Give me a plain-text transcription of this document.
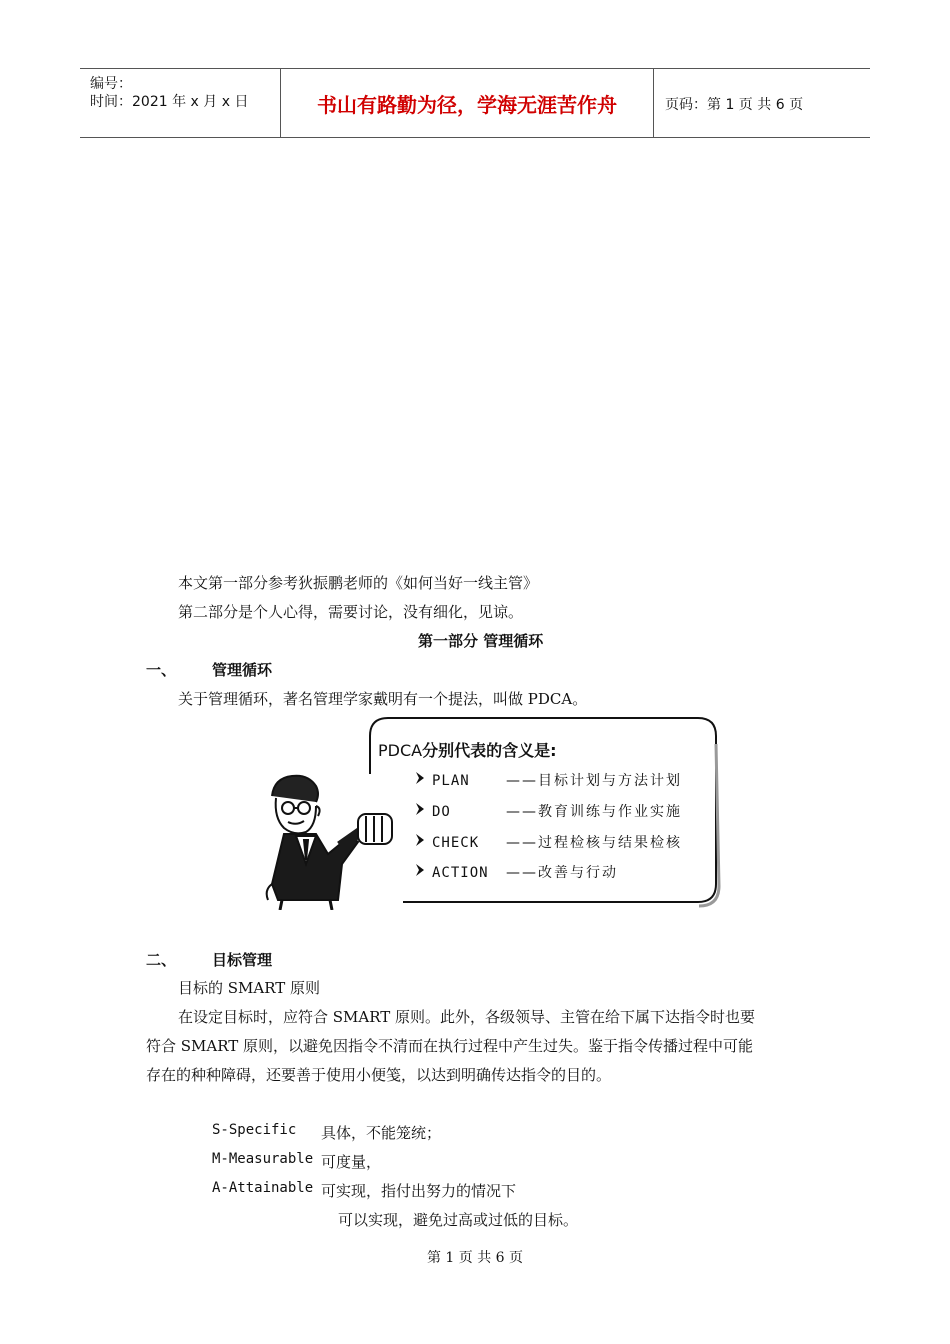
编号：
时间：2021 年 x 月 x 日	书山有路勤为径，学海无涯苦作舟	页码：第 1 页 共 6 页
本文第一部分参考狄振鹏老师的《如何当好一线主管》
第二部分是个人心得，需要讨论，没有细化，见谅。
第一部分 管理循环
一、 管理循环
关于管理循环，著名管理学家戴明有一个提法，叫做 PDCA。
PDCA分别代表的含义是:
PLAN	——目标计划与方法计划
DO	——教育训练与作业实施
CHECK ——过程检核与结果检核
ACTION ——改善与行动
二、 目标管理
目标的 SMART 原则
在设定目标时，应符合 SMART 原则。此外，各级领导、主管在给下属下达指令时也要
符合 SMART 原则，以避免因指令不清而在执行过程中产生过失。鉴于指令传播过程中可能
存在的种种障碍，还要善于使用小便笺，以达到明确传达指令的目的。
S-Specific 具体，不能笼统；
M-Measurable 可度量，
A-Attainable 可实现，指付出努力的情况下
可以实现，避免过高或过低的目标。
第 1 页 共 6 页
